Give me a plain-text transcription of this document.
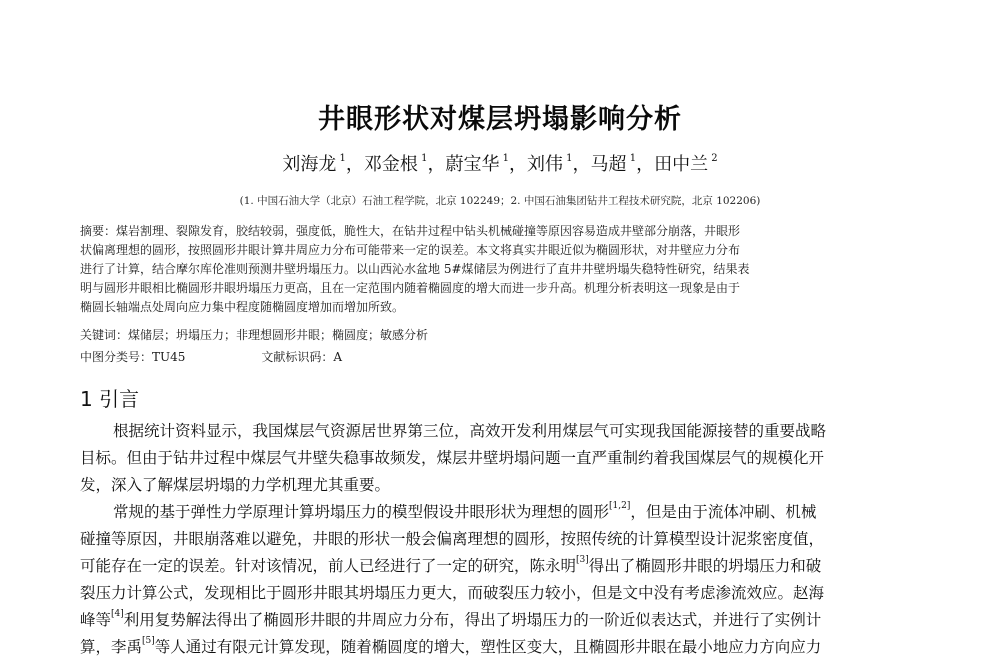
井眼形状对煤层坍塌影响分析
刘海龙 $^1$，邓金根 $^1$，蔚宝华 $^1$，刘伟 $^1$，马超 $^1$，田中兰 $^2$
(1. 中国石油大学（北京）石油工程学院，北京 102249；2. 中国石油集团钻井工程技术研究院，北京 102206)
摘要：煤岩割理、裂隙发育，胶结较弱，强度低，脆性大，在钻井过程中钻头机械碰撞等原因容易造成井壁部分崩落，井眼形
状偏离理想的圆形，按照圆形井眼计算井周应力分布可能带来一定的误差。本文将真实井眼近似为椭圆形状，对井壁应力分布
进行了计算，结合摩尔库伦准则预测井壁坍塌压力。以山西沁水盆地 5#煤储层为例进行了直井井壁坍塌失稳特性研究，结果表
明与圆形井眼相比椭圆形井眼坍塌压力更高，且在一定范围内随着椭圆度的增大而进一步升高。机理分析表明这一现象是由于
椭圆长轴端点处周向应力集中程度随椭圆度增加而增加所致。
关键词：煤储层；坍塌压力；非理想圆形井眼；椭圆度；敏感分析
中图分类号：TU45	文献标识码：A
1 引言
根据统计资料显示，我国煤层气资源居世界第三位，高效开发利用煤层气可实现我国能源接替的重要战略
目标。但由于钻井过程中煤层气井壁失稳事故频发，煤层井壁坍塌问题一直严重制约着我国煤层气的规模化开
发，深入了解煤层坍塌的力学机理尤其重要。
常规的基于弹性力学原理计算坍塌压力的模型假设井眼形状为理想的圆形[1,2]，但是由于流体冲刷、机械
碰撞等原因，井眼崩落难以避免，井眼的形状一般会偏离理想的圆形，按照传统的计算模型设计泥浆密度值，
可能存在一定的误差。针对该情况，前人已经进行了一定的研究，陈永明[3]得出了椭圆形井眼的坍塌压力和破
裂压力计算公式，发现相比于圆形井眼其坍塌压力更大，而破裂压力较小，但是文中没有考虑渗流效应。赵海
峰等[4]利用复势解法得出了椭圆形井眼的井周应力分布，得出了坍塌压力的一阶近似表达式，并进行了实例计
算，李禹[5]等人通过有限元计算发现，随着椭圆度的增大，塑性区变大，且椭圆形井眼在最小地应力方向应力
